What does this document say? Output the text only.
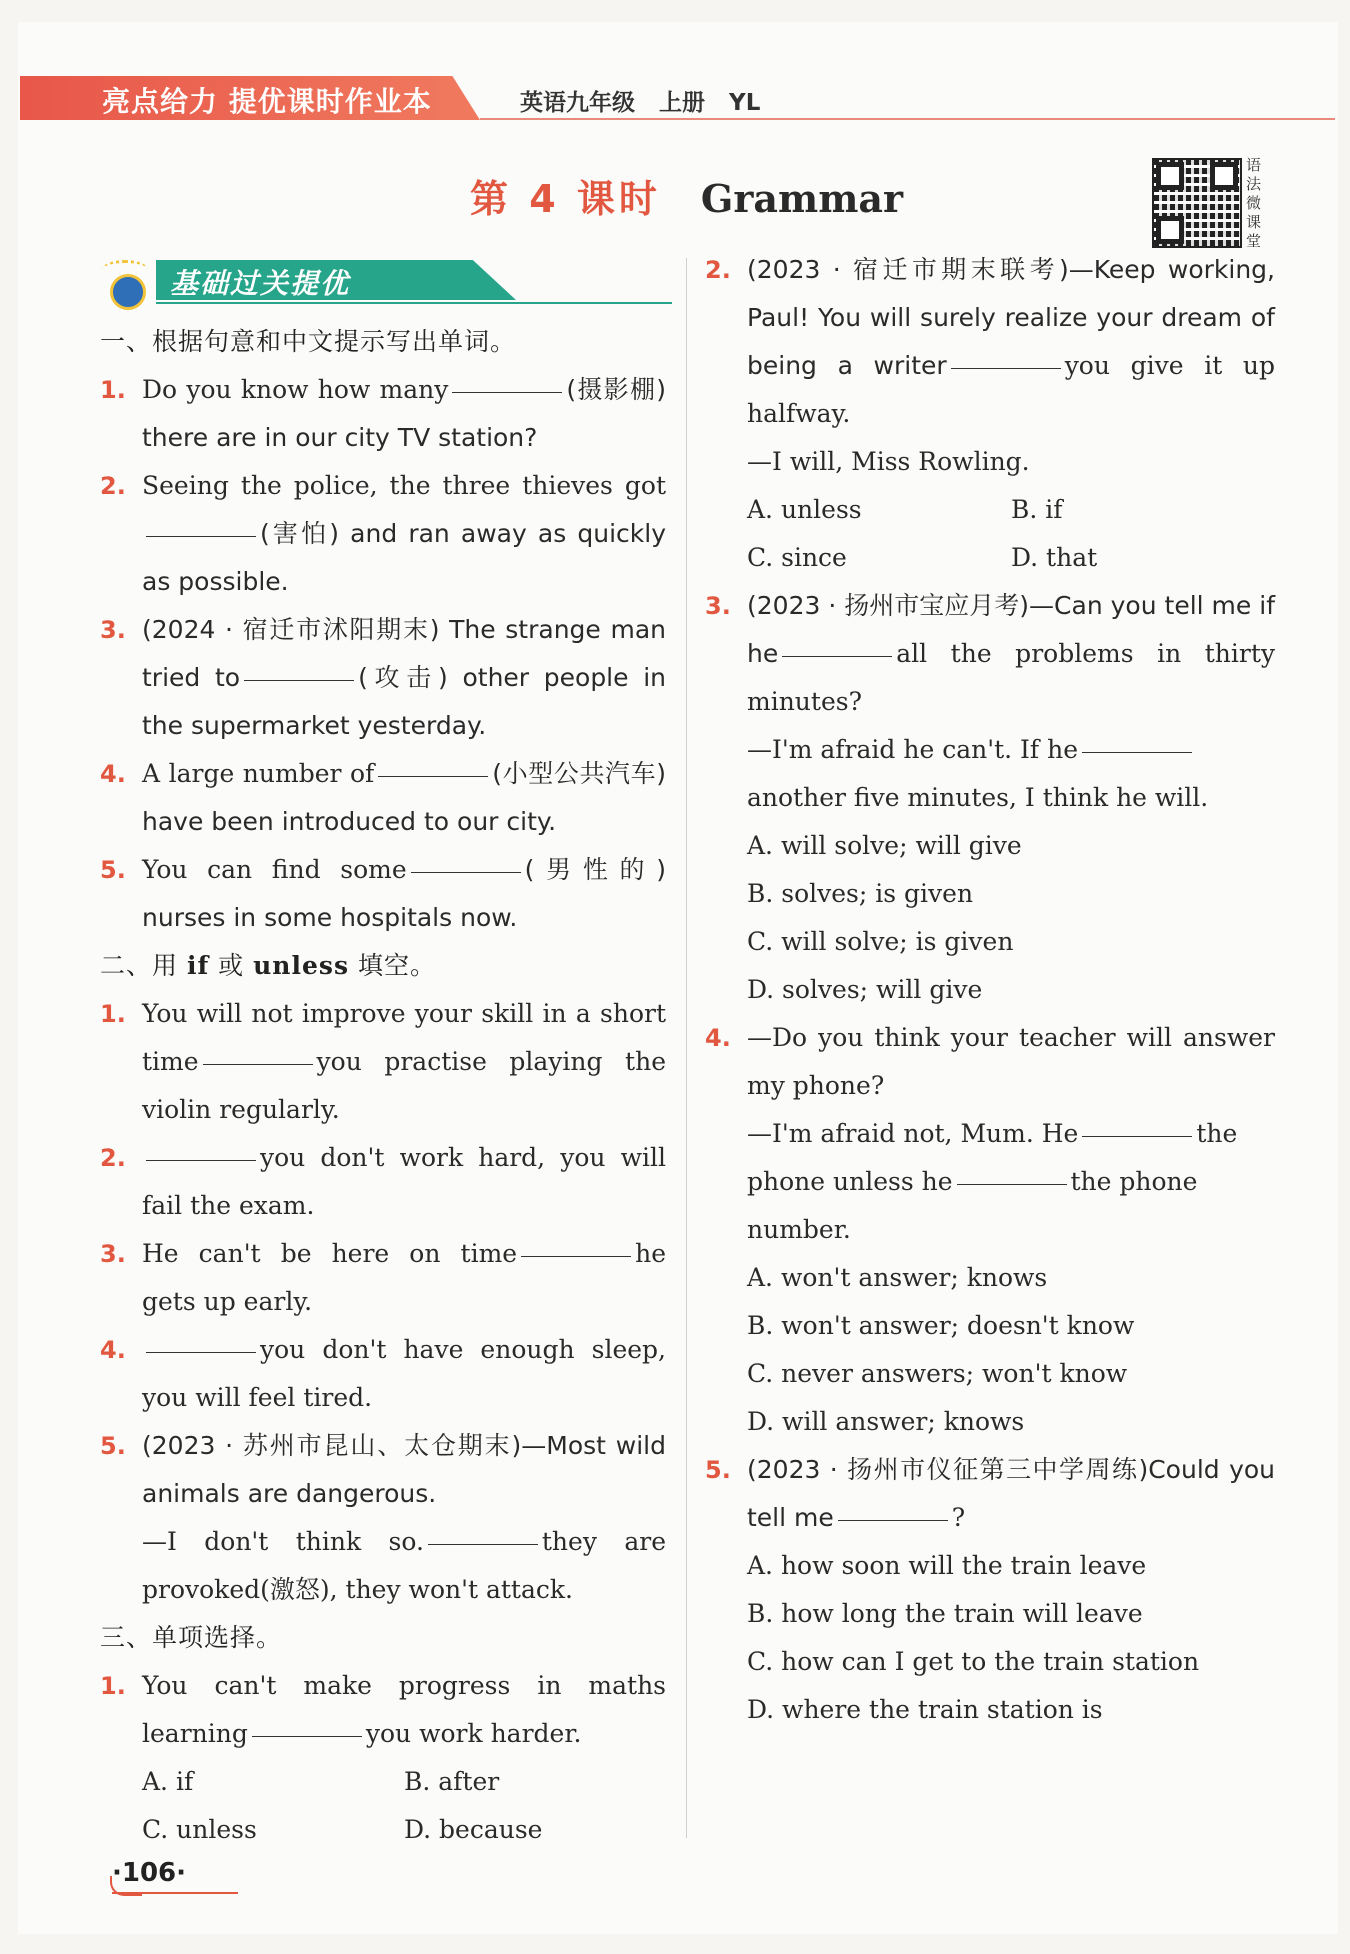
亮点给力 提优课时作业本	英语九年级   上册   YL
第 4 课时 Grammar
语法微课堂
基础过关提优
一、根据句意和中文提示写出单词。
1. Do you know how many	(摄影棚) there are in our city TV station?
2. Seeing the police, the three thieves got(害怕) and ran away as quickly as possible.
3. (2024 · 宿迁市沭阳期末) The strange man tried to	(攻击) other people in the supermarket yesterday.
4. A large number of	(小型公共汽车) have been introduced to our city.
5. You can find some	(男性的) nurses in some hospitals now.
二、用 if 或 unless 填空。
1. You will not improve your skill in a short time	you practise playing the violin regularly.
2.	you don't work hard, you will fail the exam.
3. He can't be here on time	he gets up early.
4.	you don't have enough sleep, you will feel tired.
5. (2023 · 苏州市昆山、太仓期末)—Most wild animals are dangerous.
—I don't think so.	they are provoked(激怒), they won't attack.
三、单项选择。
1. You can't make progress in maths learning	you work harder.
A. if	B. after
C. unless	D. because
2. (2023 · 宿迁市期末联考)—Keep working, Paul! You will surely realize your dream of being a writer	you give it up halfway.
—I will, Miss Rowling.
A. unless	B. if
C. since	D. that
3. (2023 · 扬州市宝应月考)—Can you tell me if he	all the problems in thirty minutes?
—I'm afraid he can't. If heanother five minutes, I think he will.
A. will solve; will give
B. solves; is given
C. will solve; is given
D. solves; will give
4. —Do you think your teacher will answer my phone?
—I'm afraid not, Mum. He	the phone unless he	the phone number.
A. won't answer; knows
B. won't answer; doesn't know
C. never answers; won't know
D. will answer; knows
5. (2023 · 扬州市仪征第三中学周练)Could you tell me	?
A. how soon will the train leave
B. how long the train will leave
C. how can I get to the train station
D. where the train station is
·106·
